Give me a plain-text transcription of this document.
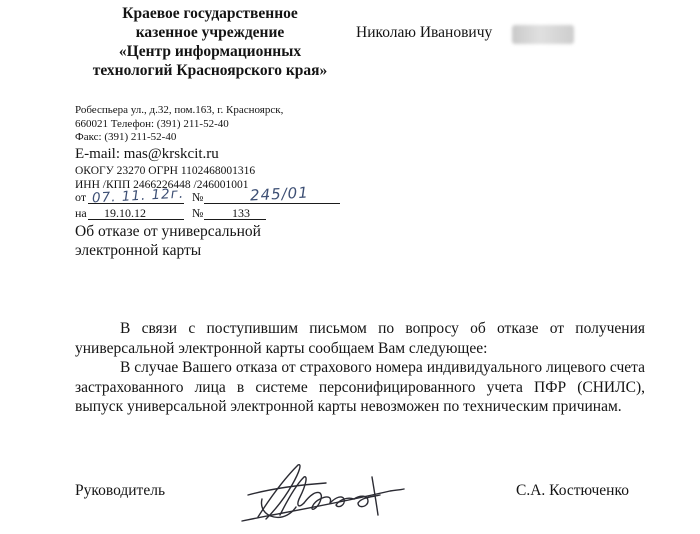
Краевое государственное
казенное учреждение
«Центр информационных
технологий Красноярского края»
Робеспьера ул., д.32, пом.163, г. Красноярск,
660021 Телефон: (391) 211-52-40
Факс: (391) 211-52-40
E-mail: mas@krskcit.ru
ОКОГУ 23270 ОГРН 1102468001316
ИНН /КПП 2466226448 /246001001
от 07. 11. 12г. №	245/01
на 19.10.12	№ 133
Об отказе от универсальной
электронной карты
Николаю Ивановичу

В связи с поступившим письмом по вопросу об отказе от получения универсальной электронной карты сообщаем Вам следующее:

В случае Вашего отказа от страхового номера индивидуального лицевого счета застрахованного лица в системе персонифицированного учета ПФР (СНИЛС), выпуск универсальной электронной карты невозможен по техническим причинам.

Руководитель	С.А. Костюченко
